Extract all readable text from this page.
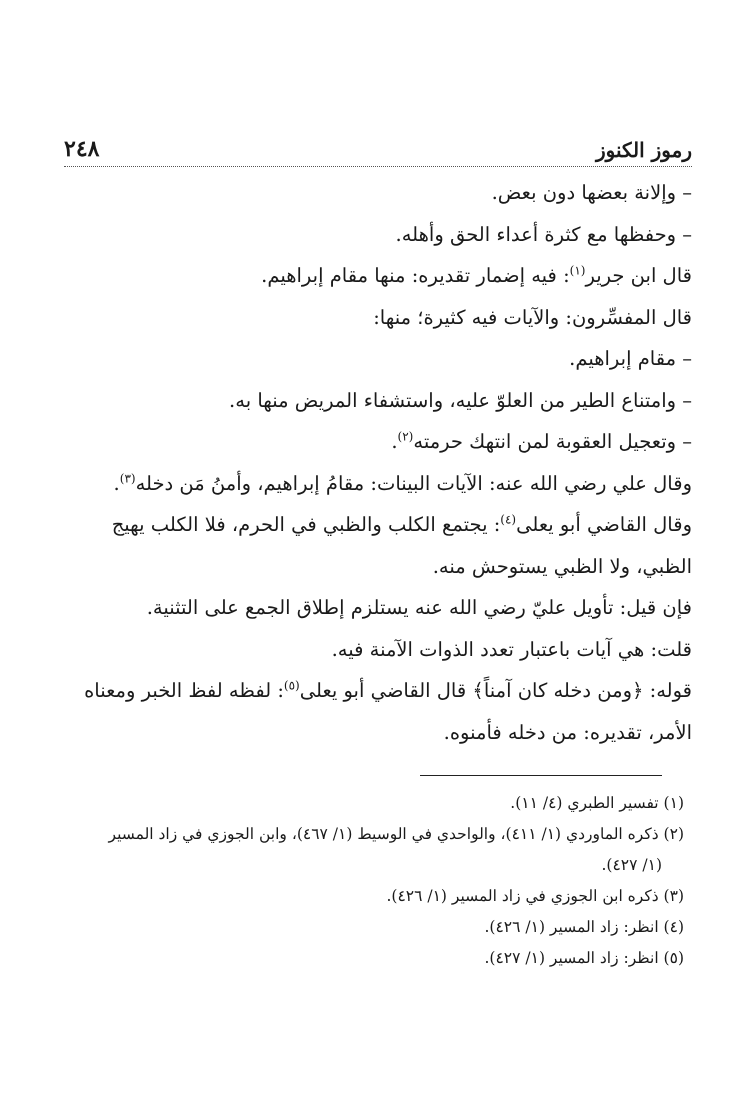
٢٤٨	رموز الكنوز
– وإلانة بعضها دون بعض.
– وحفظها مع كثرة أعداء الحق وأهله.
قال ابن جرير$^{(١)}$: فيه إضمار تقديره: منها مقام إبراهيم.
قال المفسِّرون: والآيات فيه كثيرة؛ منها:
– مقام إبراهيم.
– وامتناع الطير من العلوّ عليه، واستشفاء المريض منها به.
– وتعجيل العقوبة لمن انتهك حرمته$^{(٢)}$.
وقال علي رضي الله عنه: الآيات البينات: مقامُ إبراهيم، وأمنُ مَن دخله$^{(٣)}$.
وقال القاضي أبو يعلى$^{(٤)}$: يجتمع الكلب والظبي في الحرم، فلا الكلب يهيج
الظبي، ولا الظبي يستوحش منه.
فإن قيل: تأويل عليّ رضي الله عنه يستلزم إطلاق الجمع على التثنية.
قلت: هي آيات باعتبار تعدد الذوات الآمنة فيه.
قوله: ﴿ومن دخله كان آمناً﴾ قال القاضي أبو يعلى$^{(٥)}$: لفظه لفظ الخبر ومعناه
الأمر، تقديره: من دخله فأمنوه.
(١) تفسير الطبري (٤/ ١١).
(٢) ذكره الماوردي (١/ ٤١١)، والواحدي في الوسيط (١/ ٤٦٧)، وابن الجوزي في زاد المسير
(١/ ٤٢٧).
(٣) ذكره ابن الجوزي في زاد المسير (١/ ٤٢٦).
(٤) انظر: زاد المسير (١/ ٤٢٦).
(٥) انظر: زاد المسير (١/ ٤٢٧).
